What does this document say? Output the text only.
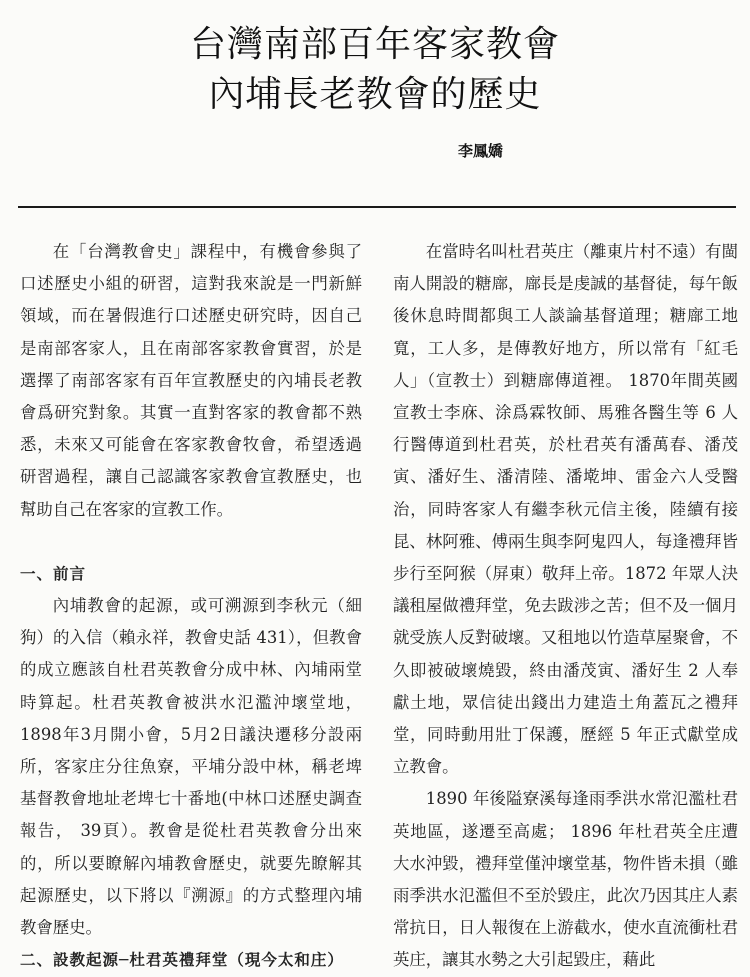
台灣南部百年客家教會
內埔長老教會的歷史
李鳳嬌

在「台灣教會史」課程中，有機會參與了口述歷史小組的研習，這對我來說是一門新鮮領域，而在暑假進行口述歷史研究時，因自己是南部客家人，且在南部客家教會實習，於是選擇了南部客家有百年宣教歷史的內埔長老教會爲研究對象。其實一直對客家的教會都不熟悉，未來又可能會在客家教會牧會，希望透過研習過程，讓自己認識客家教會宣教歷史，也幫助自己在客家的宣教工作。

一、前言

內埔教會的起源，或可溯源到李秋元（細狗）的入信（賴永祥，教會史話 431），但教會的成立應該自杜君英教會分成中林、內埔兩堂時算起。杜君英教會被洪水氾濫沖壞堂地，1898年3月開小會，5月2日議決遷移分設兩所，客家庄分往魚寮，平埔分設中林，稱老埤基督教會地址老埤七十番地(中林口述歷史調查報告， 39頁）。教會是從杜君英教會分出來的，所以要瞭解內埔教會歷史，就要先瞭解其起源歷史，以下將以『溯源』的方式整理內埔教會歷史。

二、設教起源─杜君英禮拜堂（現今太和庄）

在當時名叫杜君英庄（離東片村不遠）有閩南人開設的糖廍，廍長是虔誠的基督徒，每午飯後休息時間都與工人談論基督道理；糖廍工地寬，工人多，是傳教好地方，所以常有「紅毛人」（宣教士）到糖廍傳道裡。 1870年間英國宣教士李庥、涂爲霖牧師、馬雅各醫生等 6 人行醫傳道到杜君英，於杜君英有潘萬春、潘茂寅、潘好生、潘清陸、潘墘坤、雷金六人受醫治，同時客家人有繼李秋元信主後，陸續有接昆、林阿雅、傅兩生與李阿鬼四人，每逢禮拜皆步行至阿猴（屏東）敬拜上帝。1872 年眾人決議租屋做禮拜堂，免去跋涉之苦；但不及一個月就受族人反對破壞。又租地以竹造草屋聚會，不久即被破壞燒毀，終由潘茂寅、潘好生 2 人奉獻土地，眾信徒出錢出力建造土角蓋瓦之禮拜堂，同時動用壯丁保護，歷經 5 年正式獻堂成立教會。

1890 年後隘寮溪每逢雨季洪水常氾濫杜君英地區，遂遷至高處； 1896 年杜君英全庄遭大水沖毀，禮拜堂僅沖壞堂基，物件皆未損（雖雨季洪水氾濫但不至於毀庄，此次乃因其庄人素常抗日，日人報復在上游截水，使水直流衝杜君英庄，讓其水勢之大引起毀庄，藉此
